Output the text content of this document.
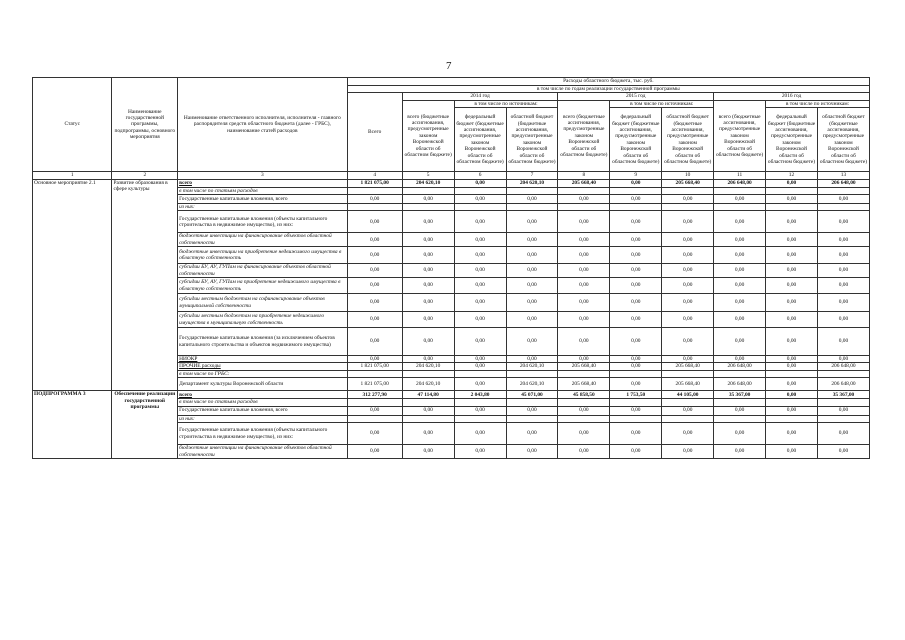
7
Статус	Наименование государственной программы, подпрограммы, основного мероприятия	Наименование ответственного исполнителя, исполнителя - главного распорядителя средств областного бюджета (далее - ГРБС), наименование статей расходов	Расходы областного бюджета, тыс. руб.									
			в том числе по годам реализации государственной программы									
			Всего	2014 год			2015 год			2016 год		
				всего (бюджетные ассигнования, предусмотренные законом Воронежской области об областном бюджете)	в том числе по источникам:		всего (бюджетные ассигнования, предусмотренные законом Воронежской области об областном бюджете)	в том числе по источникам:		всего (бюджетные ассигнования, предусмотренные законом Воронежской области об областном бюджете)	в том числе по источникам:	
					федеральный бюджет (бюджетные ассигнования, предусмотренные законом Воронежской области об областном бюджете)	областной бюджет (бюджетные ассигнования, предусмотренные законом Воронежской области об областном бюджете)		федеральный бюджет (бюджетные ассигнования, предусмотренные законом Воронежской области об областном бюджете)	областной бюджет (бюджетные ассигнования, предусмотренные законом Воронежской области об областном бюджете)		федеральный бюджет (бюджетные ассигнования, предусмотренные законом Воронежской области об областном бюджете)	областной бюджет (бюджетные ассигнования, предусмотренные законом Воронежской области об областном бюджете)
1	2	3	4	5	6	7	8	9	10	11	12	13
Основное мероприятие 2.1	Развитие образования в сфере культуры	всего	1 821 075,00	204 620,10	0,00	204 620,10	205 668,40	0,00	205 668,40	206 648,00	0,00	206 648,00
		в том числе по статьям расходов										
		Государственные капитальные вложения, всего	0,00	0,00	0,00	0,00	0,00	0,00	0,00	0,00	0,00	0,00
		из них:										
		Государственные капитальные вложения (объекты капитального строительства в недвижимое имущество), из них:	0,00	0,00	0,00	0,00	0,00	0,00	0,00	0,00	0,00	0,00
		бюджетные инвестиции на финансирование объектов областной собственности	0,00	0,00	0,00	0,00	0,00	0,00	0,00	0,00	0,00	0,00
		бюджетные инвестиции на приобретение недвижимого имущества в областную собственность	0,00	0,00	0,00	0,00	0,00	0,00	0,00	0,00	0,00	0,00
		субсидии БУ, АУ, ГУПам на финансирование объектов областной собственности	0,00	0,00	0,00	0,00	0,00	0,00	0,00	0,00	0,00	0,00
		субсидии БУ, АУ, ГУПам на приобретение недвижимого имущества в областную собственность	0,00	0,00	0,00	0,00	0,00	0,00	0,00	0,00	0,00	0,00
		субсидии местным бюджетам на софинансирование объектов муниципальной собственности	0,00	0,00	0,00	0,00	0,00	0,00	0,00	0,00	0,00	0,00
		субсидии местным бюджетам на приобретение недвижимого имущества в муниципальную собственность	0,00	0,00	0,00	0,00	0,00	0,00	0,00	0,00	0,00	0,00
		Государственные капитальные вложения (за исключением объектов капитального строительства и объектов недвижимого имущества)	0,00	0,00	0,00	0,00	0,00	0,00	0,00	0,00	0,00	0,00
		НИОКР	0,00	0,00	0,00	0,00	0,00	0,00	0,00	0,00	0,00	0,00
		ПРОЧИЕ расходы	1 821 075,00	204 620,10	0,00	204 620,10	205 668,40	0,00	205 668,40	206 648,00	0,00	206 648,00
		в том числе по ГРБС:										
		Департамент культуры Воронежской области	1 821 075,00	204 620,10	0,00	204 620,10	205 668,40	0,00	205 668,40	206 648,00	0,00	206 648,00
ПОДПРОГРАММА 3	Обеспечение реализации государственной программы	всего	312 277,90	47 114,80	2 043,80	45 071,00	45 858,50	1 753,50	44 105,00	35 367,00	0,00	35 367,00
		в том числе по статьям расходов										
		Государственные капитальные вложения, всего	0,00	0,00	0,00	0,00	0,00	0,00	0,00	0,00	0,00	0,00
		из них:										
		Государственные капитальные вложения (объекты капитального строительства в недвижимое имущество), из них:	0,00	0,00	0,00	0,00	0,00	0,00	0,00	0,00	0,00	0,00
		бюджетные инвестиции на финансирование объектов областной собственности	0,00	0,00	0,00	0,00	0,00	0,00	0,00	0,00	0,00	0,00
